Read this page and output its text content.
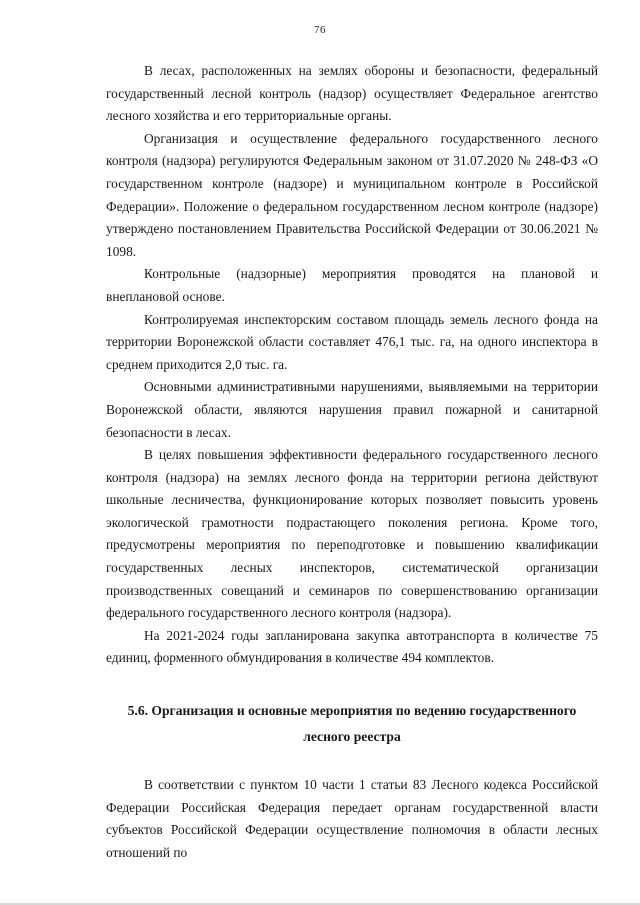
76

В лесах, расположенных на землях обороны и безопасности, федеральный государственный лесной контроль (надзор) осуществляет Федеральное агентство лесного хозяйства и его территориальные органы.

Организация и осуществление федерального государственного лесного контроля (надзора) регулируются Федеральным законом от 31.07.2020 № 248-ФЗ «О государственном контроле (надзоре) и муниципальном контроле в Российской Федерации». Положение о федеральном государственном лесном контроле (надзоре) утверждено постановлением Правительства Российской Федерации от 30.06.2021 № 1098.

Контрольные (надзорные) мероприятия проводятся на плановой и внеплановой основе.

Контролируемая инспекторским составом площадь земель лесного фонда на территории Воронежской области составляет 476,1 тыс. га, на одного инспектора в среднем приходится 2,0 тыс. га.

Основными административными нарушениями, выявляемыми на территории Воронежской области, являются нарушения правил пожарной и санитарной безопасности в лесах.

В целях повышения эффективности федерального государственного лесного контроля (надзора) на землях лесного фонда на территории региона действуют школьные лесничества, функционирование которых позволяет повысить уровень экологической грамотности подрастающего поколения региона. Кроме того, предусмотрены мероприятия по переподготовке и повышению квалификации государственных лесных инспекторов, систематической организации производственных совещаний и семинаров по совершенствованию организации федерального государственного лесного контроля (надзора).

На 2021-2024 годы запланирована закупка автотранспорта в количестве 75 единиц, форменного обмундирования в количестве 494 комплектов.

5.6. Организация и основные мероприятия по ведению государственного лесного реестра

В соответствии с пунктом 10 части 1 статьи 83 Лесного кодекса Российской Федерации Российская Федерация передает органам государственной власти субъектов Российской Федерации осуществление полномочия в области лесных отношений по
